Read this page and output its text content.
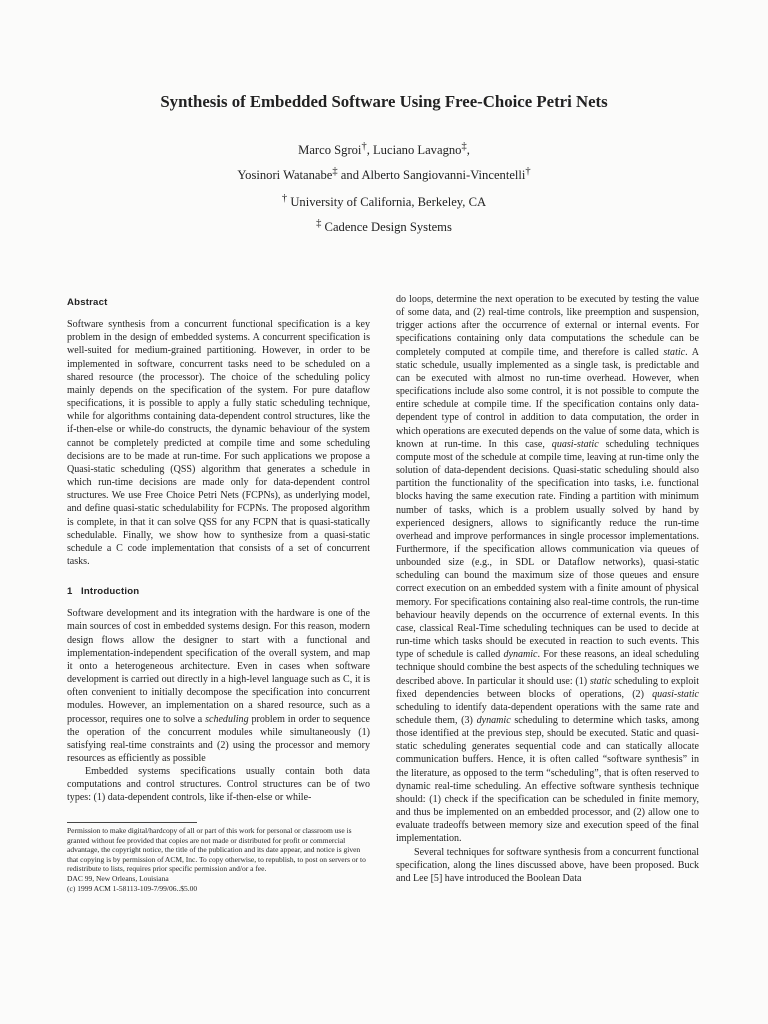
Synthesis of Embedded Software Using Free-Choice Petri Nets
Marco Sgroi†, Luciano Lavagno‡,
Yosinori Watanabe‡ and Alberto Sangiovanni-Vincentelli†
† University of California, Berkeley, CA
‡ Cadence Design Systems
Abstract

Software synthesis from a concurrent functional specification is a key problem in the design of embedded systems. A concurrent specification is well-suited for medium-grained partitioning. However, in order to be implemented in software, concurrent tasks need to be scheduled on a shared resource (the processor). The choice of the scheduling policy mainly depends on the specification of the system. For pure dataflow specifications, it is possible to apply a fully static scheduling technique, while for algorithms containing data-dependent control structures, like the if-then-else or while-do constructs, the dynamic behaviour of the system cannot be completely predicted at compile time and some scheduling decisions are to be made at run-time. For such applications we propose a Quasi-static scheduling (QSS) algorithm that generates a schedule in which run-time decisions are made only for data-dependent control structures. We use Free Choice Petri Nets (FCPNs), as underlying model, and define quasi-static schedulability for FCPNs. The proposed algorithm is complete, in that it can solve QSS for any FCPN that is quasi-statically schedulable. Finally, we show how to synthesize from a quasi-static schedule a C code implementation that consists of a set of concurrent tasks.

1 Introduction

Software development and its integration with the hardware is one of the main sources of cost in embedded systems design. For this reason, modern design flows allow the designer to start with a functional and implementation-independent specification of the overall system, and map it onto a heterogeneous architecture. Even in cases when software development is carried out directly in a high-level language such as C, it is often convenient to initially decompose the specification into concurrent modules. However, an implementation on a shared resource, such as a processor, requires one to solve a scheduling problem in order to sequence the operation of the concurrent modules while simultaneously (1) satisfying real-time constraints and (2) using the processor and memory resources as efficiently as possible

Embedded systems specifications usually contain both data computations and control structures. Control structures can be of two types: (1) data-dependent controls, like if-then-else or while-

Permission to make digital/hardcopy of all or part of this work for personal or classroom use is granted without fee provided that copies are not made or distributed for profit or commercial advantage, the copyright notice, the title of the publication and its date appear, and notice is given that copying is by permission of ACM, Inc. To copy otherwise, to republish, to post on servers or to redistribute to lists, requires prior specific permission and/or a fee.
DAC 99, New Orleans, Louisiana
(c) 1999 ACM 1-58113-109-7/99/06..$5.00

do loops, determine the next operation to be executed by testing the value of some data, and (2) real-time controls, like preemption and suspension, trigger actions after the occurrence of external or internal events. For specifications containing only data computations the schedule can be completely computed at compile time, and therefore is called static. A static schedule, usually implemented as a single task, is predictable and can be executed with almost no run-time overhead. However, when specifications include also some control, it is not possible to compute the entire schedule at compile time. If the specification contains only data-dependent type of control in addition to data computation, the order in which operations are executed depends on the value of some data, which is known at run-time. In this case, quasi-static scheduling techniques compute most of the schedule at compile time, leaving at run-time only the solution of data-dependent decisions. Quasi-static scheduling should also partition the functionality of the specification into tasks, i.e. functional blocks having the same execution rate. Finding a partition with minimum number of tasks, which is a problem usually solved by hand by experienced designers, allows to significantly reduce the run-time overhead and improve performances in single processor implementations. Furthermore, if the specification allows communication via queues of unbounded size (e.g., in SDL or Dataflow networks), quasi-static scheduling can bound the maximum size of those queues and ensure correct execution on an embedded system with a finite amount of physical memory. For specifications containing also real-time controls, the run-time behaviour heavily depends on the occurrence of external events. In this case, classical Real-Time scheduling techniques can be used to decide at run-time which tasks should be executed in reaction to such events. This type of schedule is called dynamic. For these reasons, an ideal scheduling technique should combine the best aspects of the scheduling techniques we described above. In particular it should use: (1) static scheduling to exploit fixed dependencies between blocks of operations, (2) quasi-static scheduling to identify data-dependent operations with the same rate and schedule them, (3) dynamic scheduling to determine which tasks, among those identified at the previous step, should be executed. Static and quasi-static scheduling generates sequential code and can statically allocate communication buffers. Hence, it is often called “software synthesis” in the literature, as opposed to the term “scheduling”, that is often reserved to dynamic real-time scheduling. An effective software synthesis technique should: (1) check if the specification can be scheduled in finite memory, and thus be implemented on an embedded processor, and (2) allow one to evaluate tradeoffs between memory size and execution speed of the final implementation.

Several techniques for software synthesis from a concurrent functional specification, along the lines discussed above, have been proposed. Buck and Lee [5] have introduced the Boolean Data
